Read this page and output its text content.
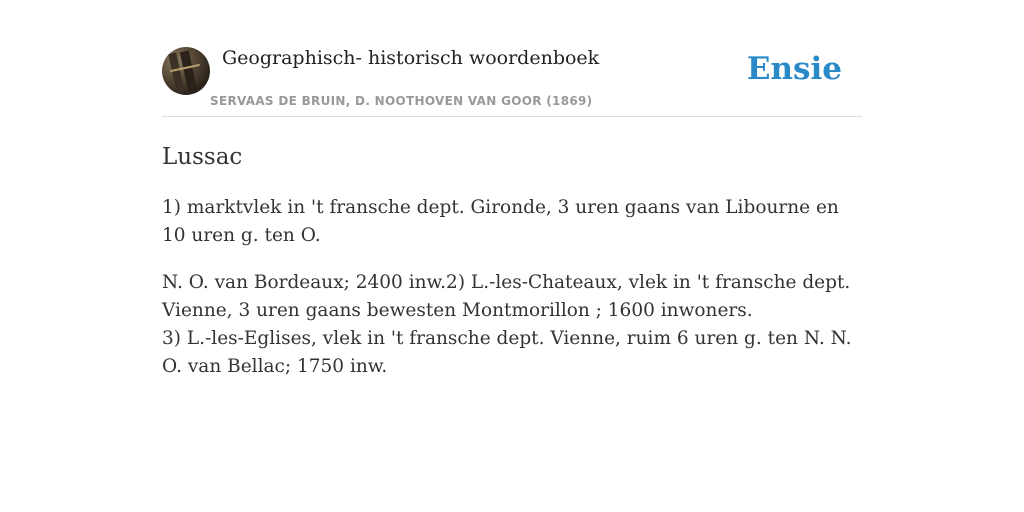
Geographisch- historisch woordenboek
SERVAAS DE BRUIN, D. NOOTHOVEN VAN GOOR (1869)
Ensie
Lussac

1) marktvlek in 't fransche dept. Gironde, 3 uren gaans van Libourne en 10 uren g. ten O.

N. O. van Bordeaux; 2400 inw.2) L.-les-Chateaux, vlek in 't fransche dept. Vienne, 3 uren gaans bewesten Montmorillon ; 1600 inwoners.

3) L.-les-Eglises, vlek in 't fransche dept. Vienne, ruim 6 uren g. ten N. N. O. van Bellac; 1750 inw.
